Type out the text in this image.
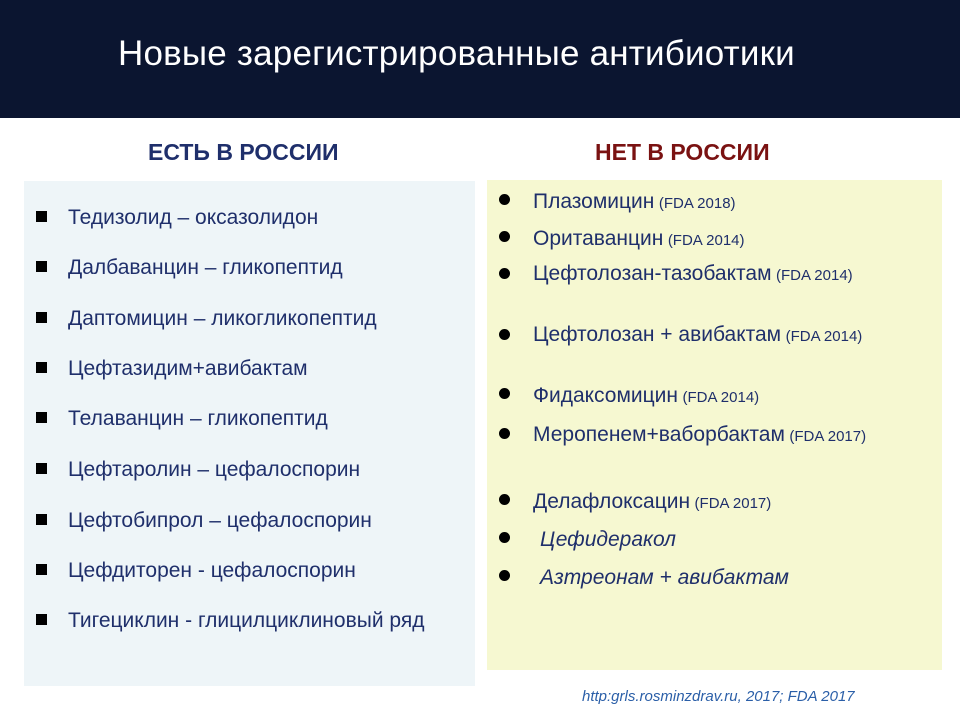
Новые зарегистрированные антибиотики
ЕСТЬ В РОССИИ	НЕТ В РОССИИ
Тедизолид – оксазолидон
Далбаванцин – гликопептид
Даптомицин – ликогликопептид
Цефтазидим+авибактам
Телаванцин – гликопептид
Цефтаролин – цефалоспорин
Цефтобипрол – цефалоспорин
Цефдиторен - цефалоспорин
Тигециклин - глицилциклиновый ряд
Плазомицин (FDA 2018)
Оритаванцин (FDA 2014)
Цефтолозан-тазобактам (FDA 2014)
Цефтолозан + авибактам (FDA 2014)
Фидаксомицин (FDA 2014)
Меропенем+ваборбактам (FDA 2017)
Делафлоксацин (FDA 2017)
Цефидеракол
Азтреонам + авибактам
http:grls.rosminzdrav.ru, 2017; FDA 2017
